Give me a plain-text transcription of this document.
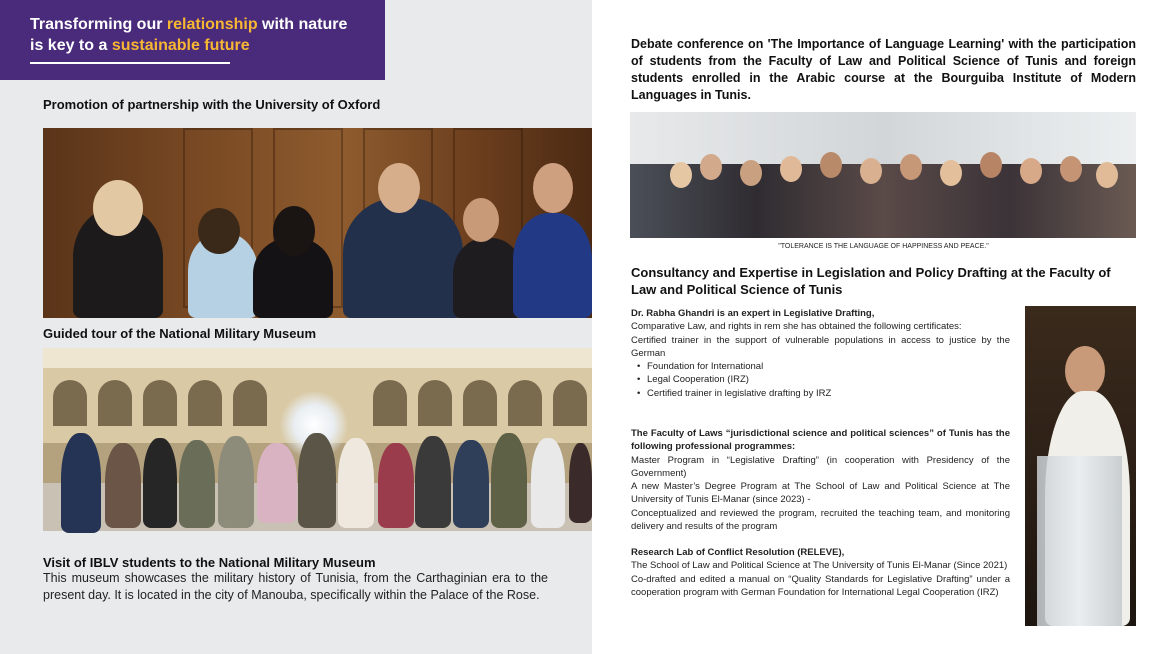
Transforming our relationship with nature
is key to a sustainable future
Promotion of partnership with the University of Oxford
Guided tour of the National Military Museum
Visit of IBLV students to the National Military Museum
This museum showcases the military history of Tunisia, from the Carthaginian era to the present day. It is located in the city of Manouba, specifically within the Palace of the Rose.
Debate conference on 'The Importance of Language Learning' with the participation of students from the Faculty of Law and Political Science of Tunis and foreign students enrolled in the Arabic course at the Bourguiba Institute of Modern Languages in Tunis.
"TOLERANCE IS THE LANGUAGE OF HAPPINESS AND PEACE."
Consultancy and Expertise in Legislation and Policy Drafting at the Faculty of Law and Political Science of Tunis
Dr. Rabha Ghandri is an expert in Legislative Drafting,
Comparative Law, and rights in rem she has obtained the following certificates:
Certified trainer in the support of vulnerable populations in access to justice by the German
• Foundation for International
• Legal Cooperation (IRZ)
• Certified trainer in legislative drafting by IRZ
The Faculty of Laws “jurisdictional science and political sciences” of Tunis has the following professional programmes:
Master Program in “Legislative Drafting” (in cooperation with Presidency of the Government)
A new Master’s Degree Program at The School of Law and Political Science at The University of Tunis El-Manar (since 2023) -
Conceptualized and reviewed the program, recruited the teaching team, and monitoring delivery and results of the program
Research Lab of Conflict Resolution (RELEVE),
The School of Law and Political Science at The University of Tunis El-Manar (Since 2021)
Co-drafted and edited a manual on “Quality Standards for Legislative Drafting” under a cooperation program with German Foundation for International Legal Cooperation (IRZ)
